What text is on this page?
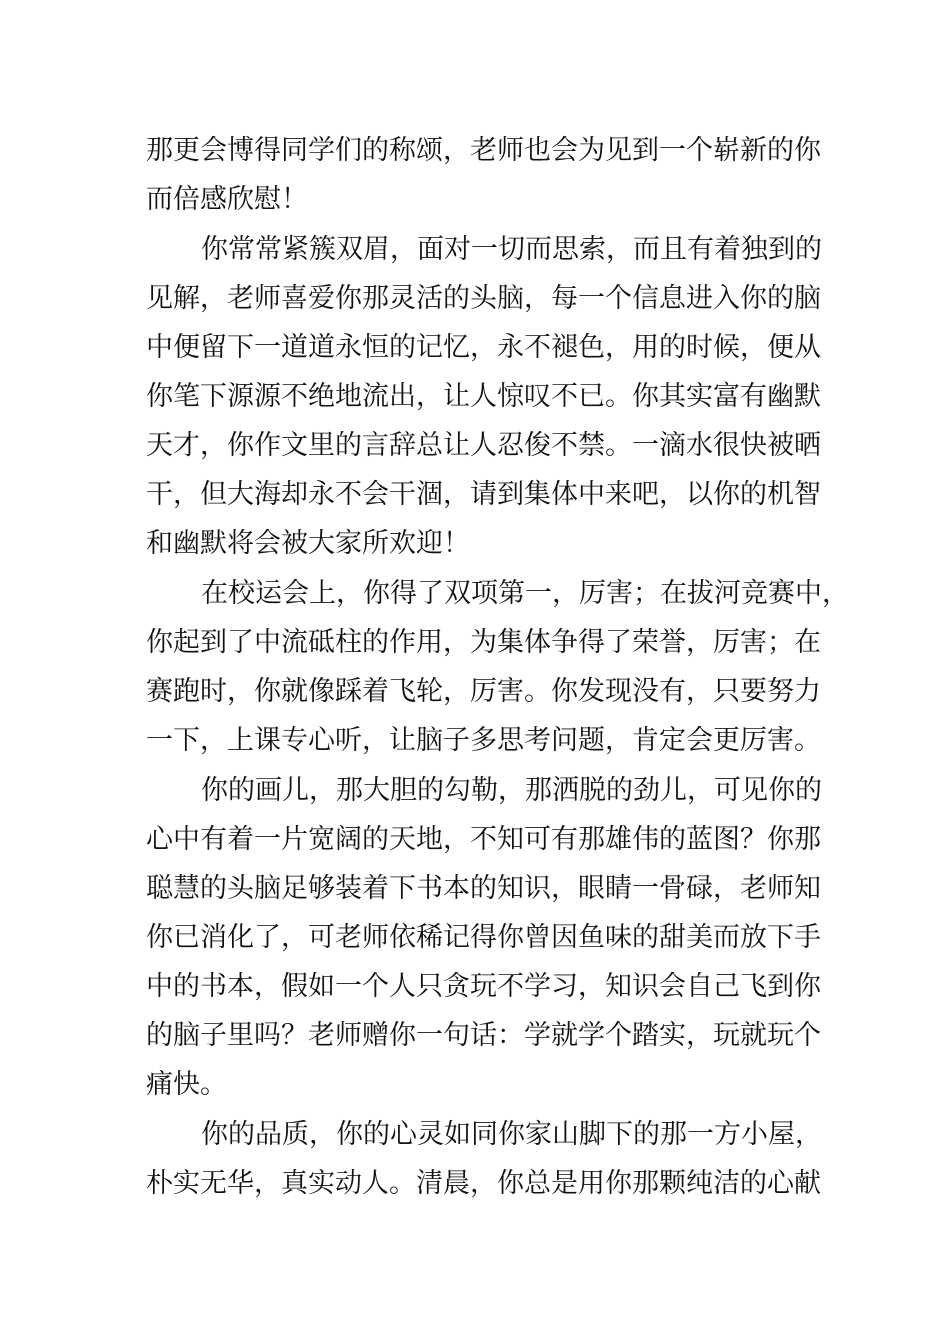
那更会博得同学们的称颂，老师也会为见到一个崭新的你
而倍感欣慰！
你常常紧簇双眉，面对一切而思索，而且有着独到的
见解，老师喜爱你那灵活的头脑，每一个信息进入你的脑
中便留下一道道永恒的记忆，永不褪色，用的时候，便从
你笔下源源不绝地流出，让人惊叹不已。你其实富有幽默
天才，你作文里的言辞总让人忍俊不禁。一滴水很快被晒
干，但大海却永不会干涸，请到集体中来吧，以你的机智
和幽默将会被大家所欢迎！
在校运会上，你得了双项第一，厉害；在拔河竞赛中，
你起到了中流砥柱的作用，为集体争得了荣誉，厉害；在
赛跑时，你就像踩着飞轮，厉害。你发现没有，只要努力
一下，上课专心听，让脑子多思考问题，肯定会更厉害。
你的画儿，那大胆的勾勒，那洒脱的劲儿，可见你的
心中有着一片宽阔的天地，不知可有那雄伟的蓝图？你那
聪慧的头脑足够装着下书本的知识，眼睛一骨碌，老师知
你已消化了，可老师依稀记得你曾因鱼味的甜美而放下手
中的书本，假如一个人只贪玩不学习，知识会自己飞到你
的脑子里吗？老师赠你一句话：学就学个踏实，玩就玩个
痛快。
你的品质，你的心灵如同你家山脚下的那一方小屋，
朴实无华，真实动人。清晨，你总是用你那颗纯洁的心献
